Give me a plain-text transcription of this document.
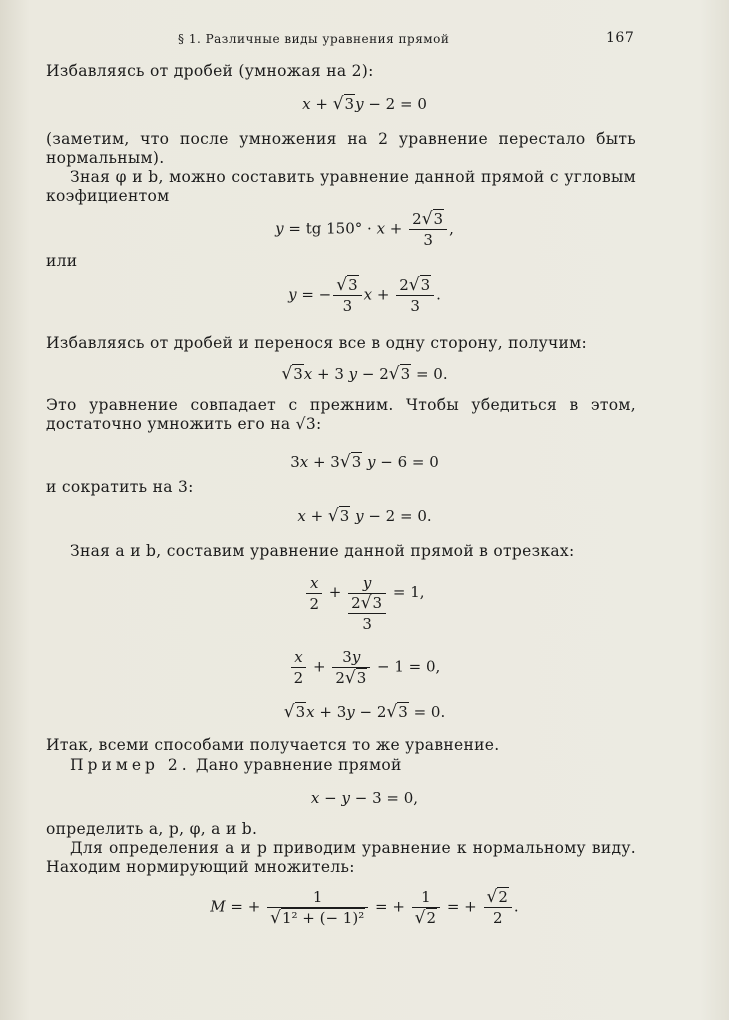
§ 1. Различные виды уравнения прямой	167
Избавляясь от дробей (умножая на 2):
x + √3y − 2 = 0
(заметим, что после умножения на 2 уравнение перестало быть нормальным).
Зная φ и b, можно составить уравнение данной прямой с угловым коэфициентом
y = tg $150^\circ \cdot x + \frac{2√3}{3}$ ,
или
y = − $\frac{√3}{3}$ $x + \frac{2√3}{3}$ .
Избавляясь от дробей и перенося все в одну сторону, получим:
√3x + 3 y − 2√3 = 0.
Это уравнение совпадает с прежним. Чтобы убедиться в этом, достаточно умножить его на √3:
3x + 3√3 y − 6 = 0
и сократить на 3:
x + √3 y − 2 = 0.
Зная a и b, составим уравнение данной прямой в отрезках:
$\frac{x}{2} + \frac{y}{\frac{2√3}{3}} = 1$,
$\frac{x}{2} + \frac{3y}{2√3} - 1 = 0$,
√3x + 3y − 2√3 = 0.
Итак, всеми способами получается то же уравнение.
Пример 2. Дано уравнение прямой
x − y − 3 = 0,
определить a, p, φ, a и b.
Для определения a и p приводим уравнение к нормальному виду. Находим нормирующий множитель:
M = + $\frac{1}{\text{√1² + (− 1)²}}$ = + $\frac{1}{√2}$ = + $\frac{√2}{2}$ .
